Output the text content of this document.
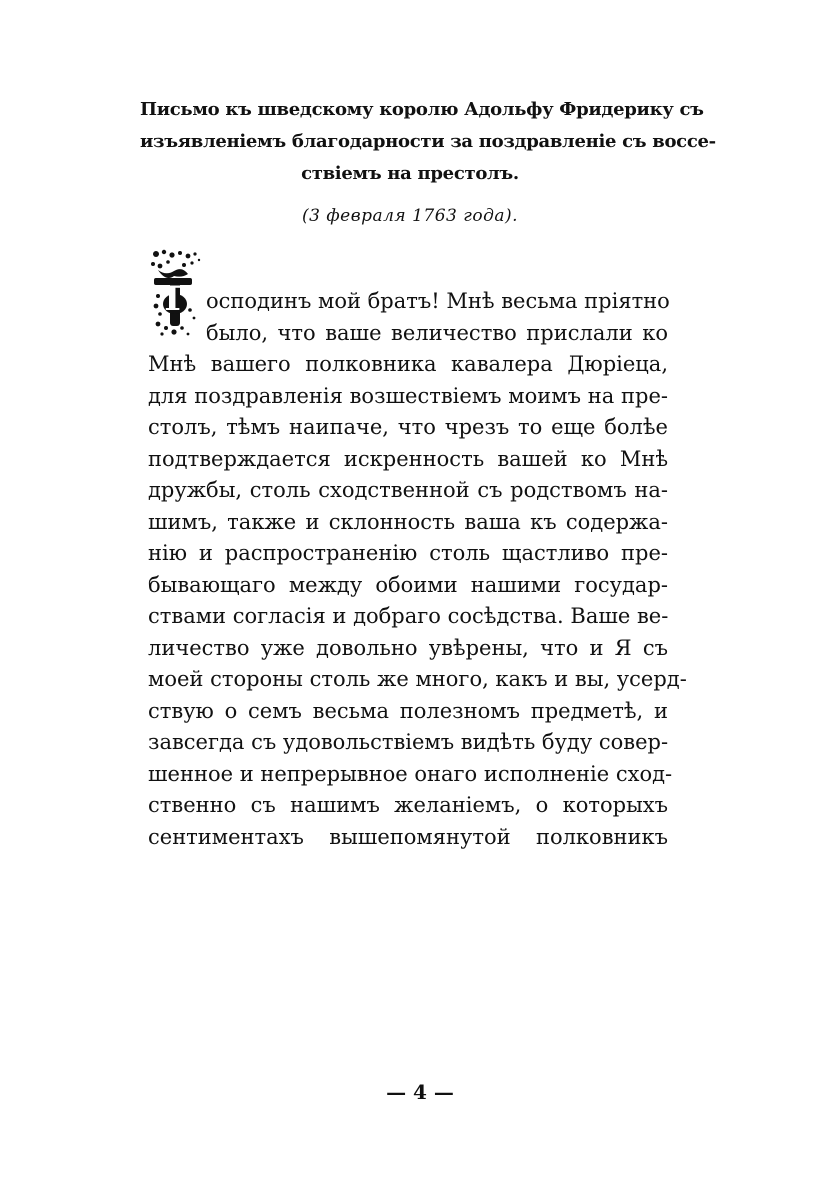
Письмо къ шведскому королю Адольфу Фридерику съ
изъявленіемъ благодарности за поздравленіе съ воссе-
ствіемъ на престолъ.
(3 февраля 1763 года).
Г осподинъ мой братъ! Мнѣ весьма пріятно
было, что ваше величество прислали ко
Мнѣ вашего полковника кавалера Дюріеца,
для поздравленія возшествіемъ моимъ на пре-
столъ, тѣмъ наипаче, что чрезъ то еще болѣе
подтверждается искренность вашей ко Мнѣ
дружбы, столь сходственной съ родствомъ на-
шимъ, также и склонность ваша къ содержа-
нію и распространенію столь щастливо пре-
бывающаго между обоими нашими государ-
ствами согласія и добраго сосѣдства. Ваше ве-
личество уже довольно увѣрены, что и Я съ
моей стороны столь же много, какъ и вы, усерд-
ствую о семъ весьма полезномъ предметѣ, и
завсегда съ удовольствіемъ видѣть буду совер-
шенное и непрерывное онаго исполненіе сход-
ственно съ нашимъ желаніемъ, о которыхъ
сентиментахъ вышепомянутой полковникъ
— 4 —
